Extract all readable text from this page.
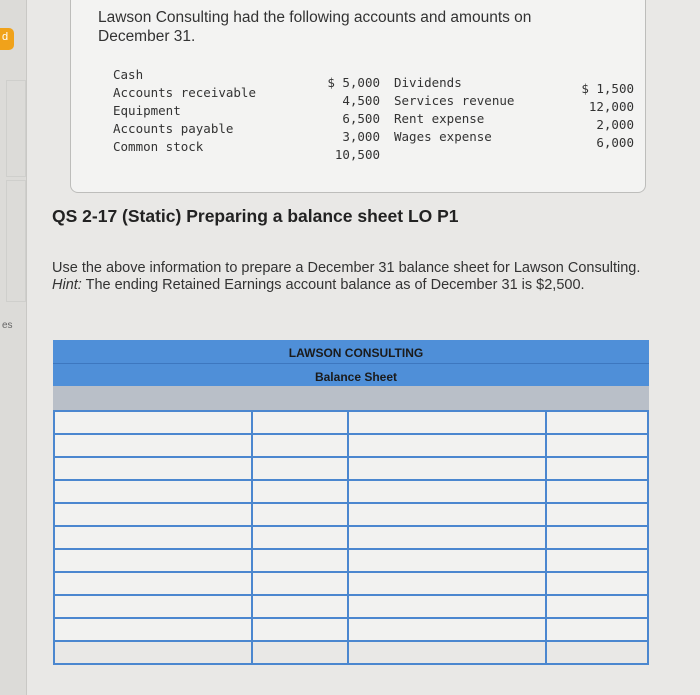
d
es
Lawson Consulting had the following accounts and amounts on December 31.
Cash
Accounts receivable
Equipment
Accounts payable
Common stock
$ 5,000
4,500
6,500
3,000
10,500
Dividends
Services revenue
Rent expense
Wages expense
$ 1,500
12,000
2,000
6,000
QS 2-17 (Static) Preparing a balance sheet LO P1
Use the above information to prepare a December 31 balance sheet for Lawson Consulting. Hint: The ending Retained Earnings account balance as of December 31 is $2,500.
LAWSON CONSULTING
Balance Sheet
